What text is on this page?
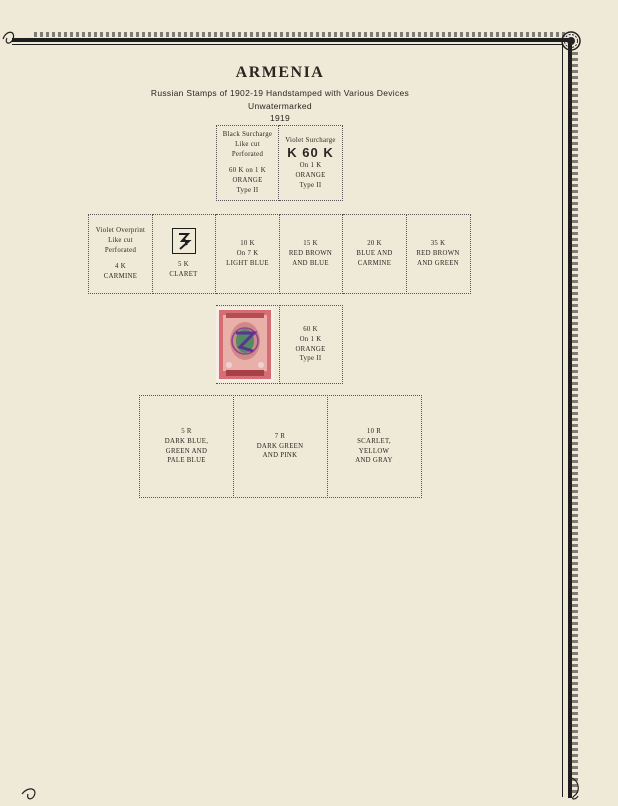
ARMENIA
Russian Stamps of 1902-19 Handstamped with Various Devices
Unwatermarked
1919
Black Surcharge
Like cut
Perforated
60 K on 1 K
ORANGE
Type II
Violet Surcharge
K 60 K
On 1 K
ORANGE
Type II
Violet Overprint
Like cut
Perforated
4 K
CARMINE
5 K
CLARET
10 K
On 7 K
LIGHT BLUE
15 K
RED BROWN
AND BLUE
20 K
BLUE AND
CARMINE
35 K
RED BROWN
AND GREEN
60 K
On 1 K
ORANGE
Type II
5 R
DARK BLUE,
GREEN AND
PALE BLUE
7 R
DARK GREEN
AND PINK
10 R
SCARLET,
YELLOW
AND GRAY
